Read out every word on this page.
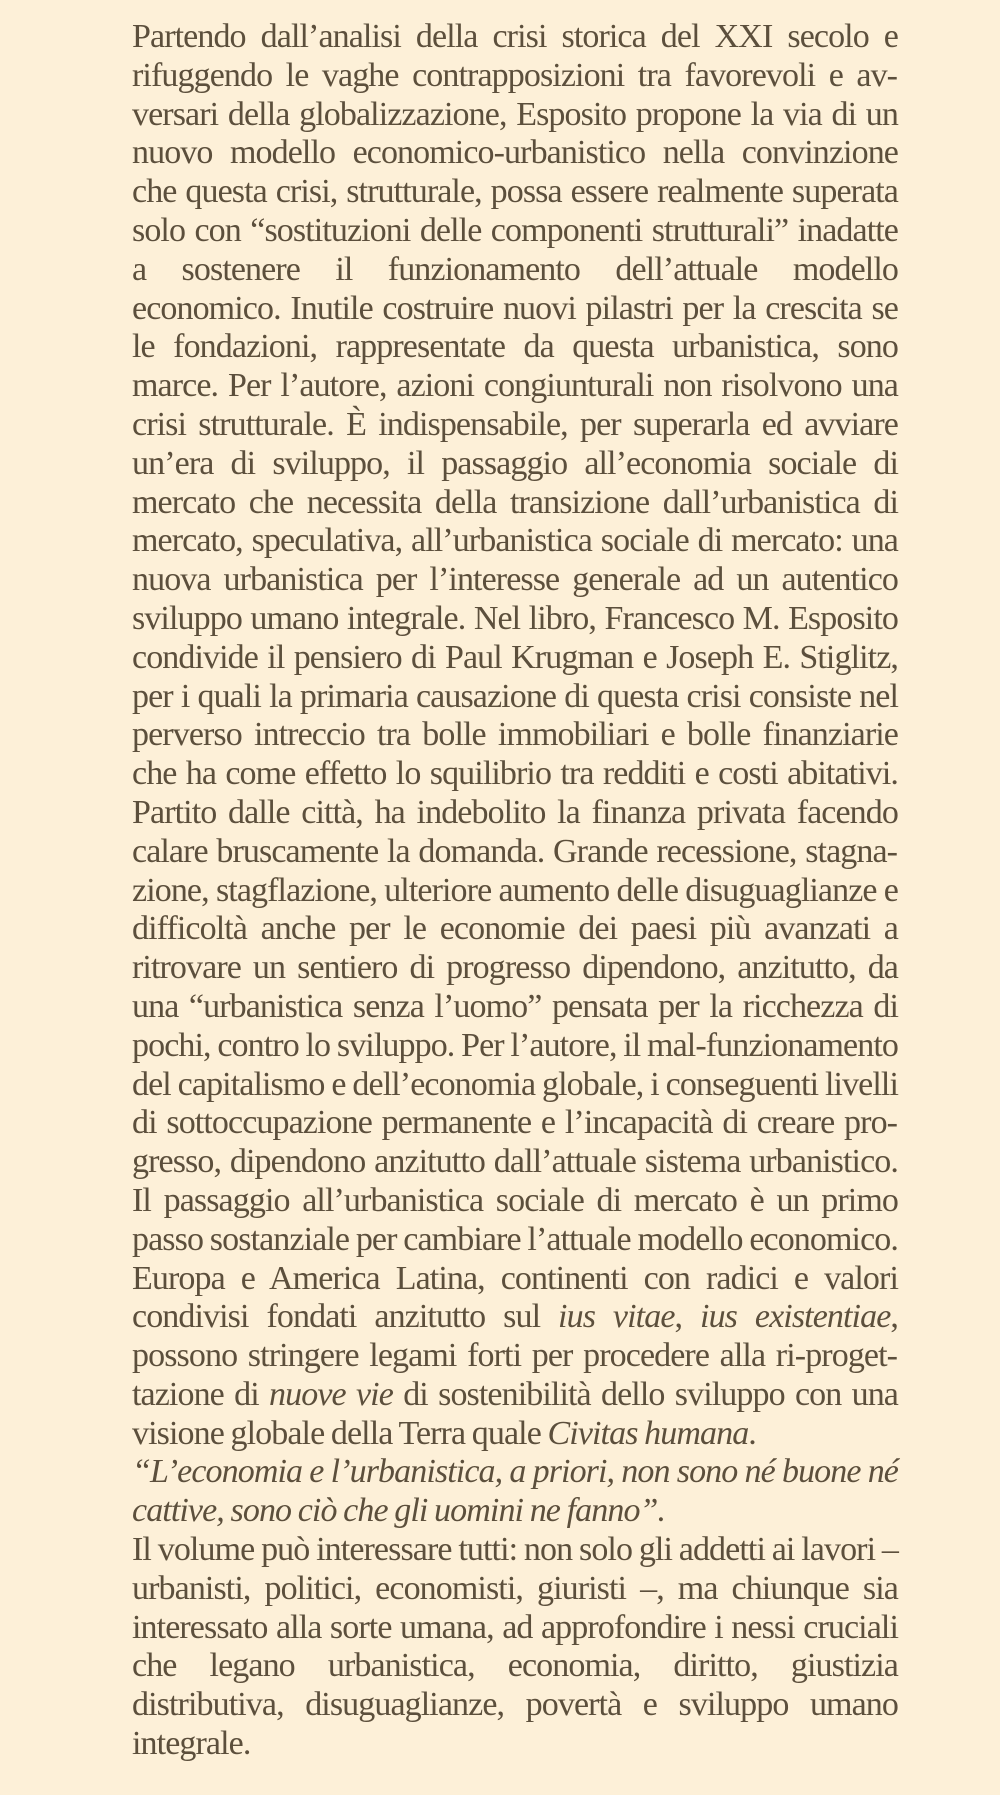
Partendo dall’analisi della crisi storica del XXI secolo e rifuggendo le vaghe contrapposizioni tra favorevoli e avversari della globalizzazione, Esposito propone la via di un nuovo modello economico-urbanistico nella convinzione che questa crisi, strutturale, possa essere realmente superata solo con “sostituzioni delle componenti strutturali” inadatte a sostenere il funzionamento dell’attuale modello economico. Inutile costruire nuovi pilastri per la crescita se le fondazioni, rappresentate da questa urbanistica, sono marce. Per l’autore, azioni congiunturali non risolvono una crisi strutturale. È indispensabile, per superarla ed avviare un’era di sviluppo, il passaggio all’economia sociale di mercato che necessita della transizione dall’urbanistica di mercato, speculativa, all’urbanistica sociale di mercato: una nuova urbanistica per l’interesse generale ad un autentico sviluppo umano integrale. Nel libro, Francesco M. Esposito condivide il pensiero di Paul Krugman e Joseph E. Stiglitz, per i quali la primaria causazione di questa crisi consiste nel perverso intreccio tra bolle immobiliari e bolle finanziarie che ha come effetto lo squilibrio tra redditi e costi abitativi. Partito dalle città, ha indebolito la finanza privata facendo calare bruscamente la domanda. Grande recessione, stagnazione, stagflazione, ulteriore aumento delle disuguaglianze e difficoltà anche per le economie dei paesi più avanzati a ritrovare un sentiero di progresso dipendono, anzitutto, da una “urbanistica senza l’uomo” pensata per la ricchezza di pochi, contro lo sviluppo. Per l’autore, il mal-funzionamento del capitalismo e dell’economia globale, i conseguenti livelli di sottoccupazione permanente e l’incapacità di creare progresso, dipendono anzitutto dall’attuale sistema urbanistico. Il passaggio all’urbanistica sociale di mercato è un primo passo sostanziale per cambiare l’attuale modello economico. Europa e America Latina, continenti con radici e valori condivisi fondati anzitutto sul ius vitae, ius existentiae, possono stringere legami forti per procedere alla ri-progettazione di nuove vie di sostenibilità dello sviluppo con una visione globale della Terra quale Civitas humana.

“L’economia e l’urbanistica, a priori, non sono né buone né cattive, sono ciò che gli uomini ne fanno”.

Il volume può interessare tutti: non solo gli addetti ai lavori – urbanisti, politici, economisti, giuristi –, ma chiunque sia interessato alla sorte umana, ad approfondire i nessi cruciali che legano urbanistica, economia, diritto, giustizia distributiva, disuguaglianze, povertà e sviluppo umano integrale.
